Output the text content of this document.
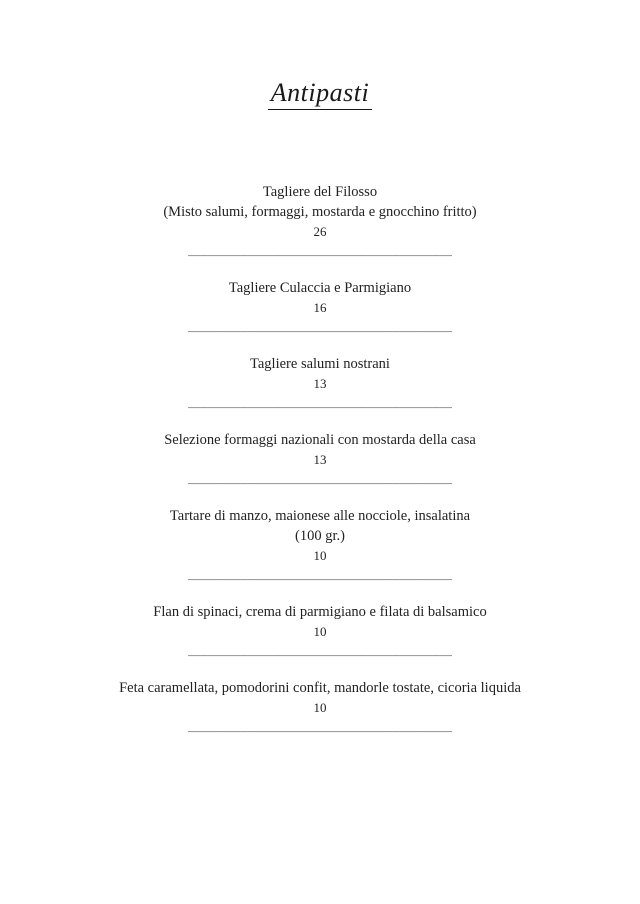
Antipasti
Tagliere del Filosso
(Misto salumi, formaggi, mostarda e gnocchino fritto)
26
________________________________________
Tagliere Culaccia e Parmigiano
16
________________________________________
Tagliere salumi nostrani
13
________________________________________
Selezione formaggi nazionali con mostarda della casa
13
________________________________________
Tartare di manzo, maionese alle nocciole, insalatina
(100 gr.)
10
________________________________________
Flan di spinaci, crema di parmigiano e filata di balsamico
10
________________________________________
Feta caramellata, pomodorini confit, mandorle tostate, cicoria liquida
10
________________________________________
